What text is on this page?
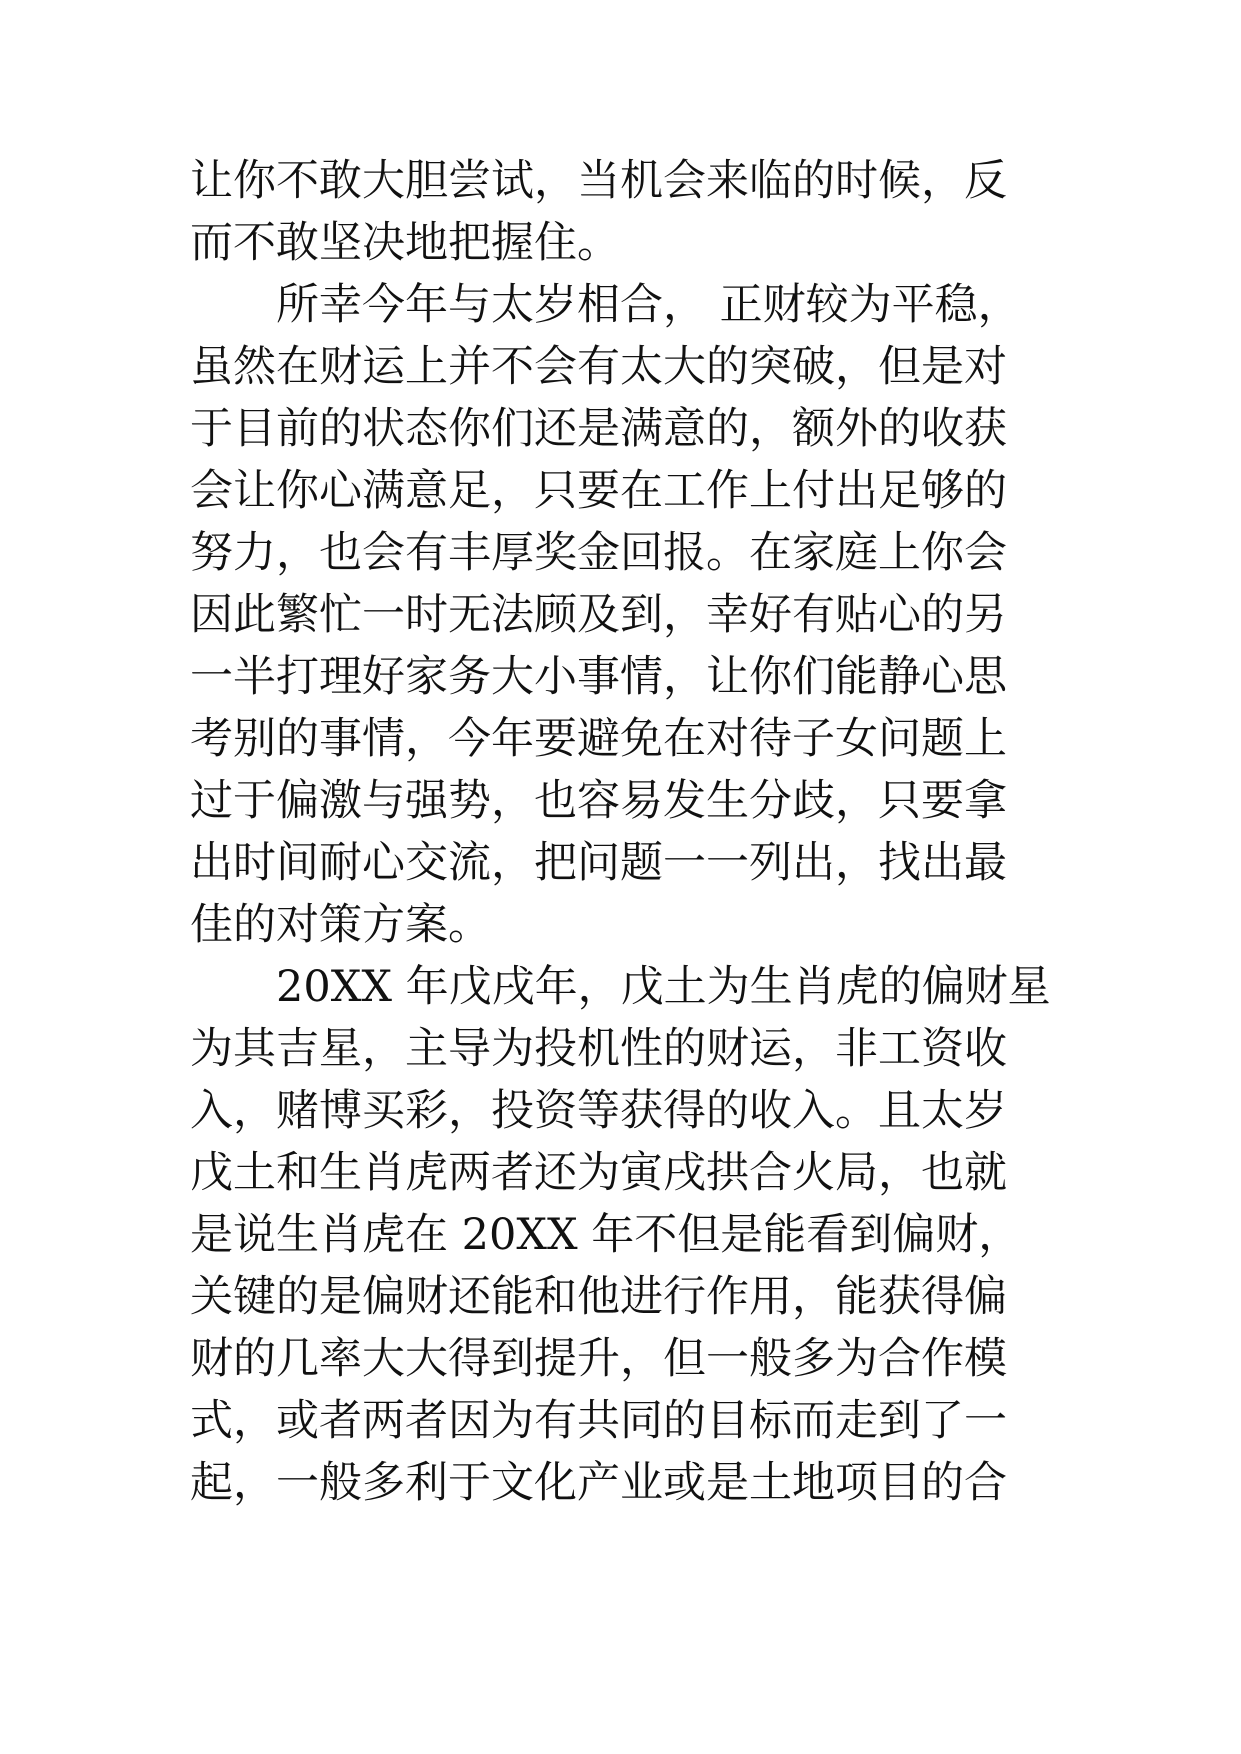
让你不敢大胆尝试，当机会来临的时候，反
而不敢坚决地把握住。
　　所幸今年与太岁相合， 正财较为平稳，
虽然在财运上并不会有太大的突破，但是对
于目前的状态你们还是满意的，额外的收获
会让你心满意足，只要在工作上付出足够的
努力，也会有丰厚奖金回报。在家庭上你会
因此繁忙一时无法顾及到，幸好有贴心的另
一半打理好家务大小事情，让你们能静心思
考别的事情，今年要避免在对待子女问题上
过于偏激与强势，也容易发生分歧，只要拿
出时间耐心交流，把问题一一列出，找出最
佳的对策方案。
　　20XX 年戊戌年，戊土为生肖虎的偏财星
为其吉星，主导为投机性的财运，非工资收
入，赌博买彩，投资等获得的收入。且太岁
戊土和生肖虎两者还为寅戌拱合火局，也就
是说生肖虎在 20XX 年不但是能看到偏财，
关键的是偏财还能和他进行作用，能获得偏
财的几率大大得到提升，但一般多为合作模
式，或者两者因为有共同的目标而走到了一
起，一般多利于文化产业或是土地项目的合
